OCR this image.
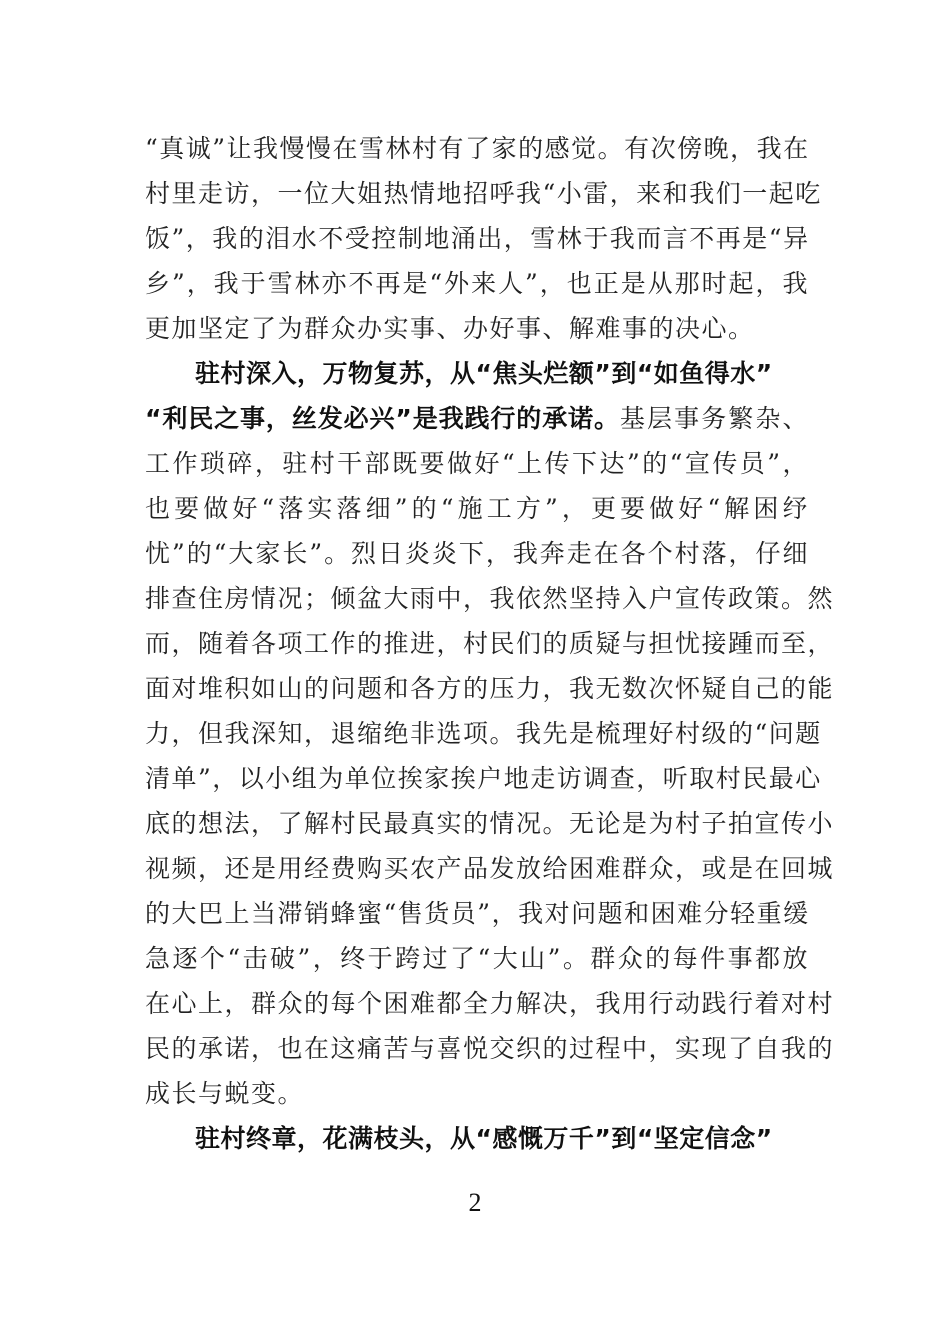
“真诚”让我慢慢在雪林村有了家的感觉。有次傍晚，我在
村里走访，一位大姐热情地招呼我“小雷，来和我们一起吃
饭”，我的泪水不受控制地涌出，雪林于我而言不再是“异
乡”，我于雪林亦不再是“外来人”，也正是从那时起，我
更加坚定了为群众办实事、办好事、解难事的决心。
驻村深入，万物复苏，从“焦头烂额”到“如鱼得水”
“利民之事，丝发必兴”是我践行的承诺。基层事务繁杂、
工作琐碎，驻村干部既要做好“上传下达”的“宣传员”，
也要做好“落实落细”的“施工方”，更要做好“解困纾
忧”的“大家长”。烈日炎炎下，我奔走在各个村落，仔细
排查住房情况；倾盆大雨中，我依然坚持入户宣传政策。然
而，随着各项工作的推进，村民们的质疑与担忧接踵而至，
面对堆积如山的问题和各方的压力，我无数次怀疑自己的能
力，但我深知，退缩绝非选项。我先是梳理好村级的“问题
清单”，以小组为单位挨家挨户地走访调查，听取村民最心
底的想法，了解村民最真实的情况。无论是为村子拍宣传小
视频，还是用经费购买农产品发放给困难群众，或是在回城
的大巴上当滞销蜂蜜“售货员”，我对问题和困难分轻重缓
急逐个“击破”，终于跨过了“大山”。群众的每件事都放
在心上，群众的每个困难都全力解决，我用行动践行着对村
民的承诺，也在这痛苦与喜悦交织的过程中，实现了自我的
成长与蜕变。
驻村终章，花满枝头，从“感慨万千”到“坚定信念”
2
